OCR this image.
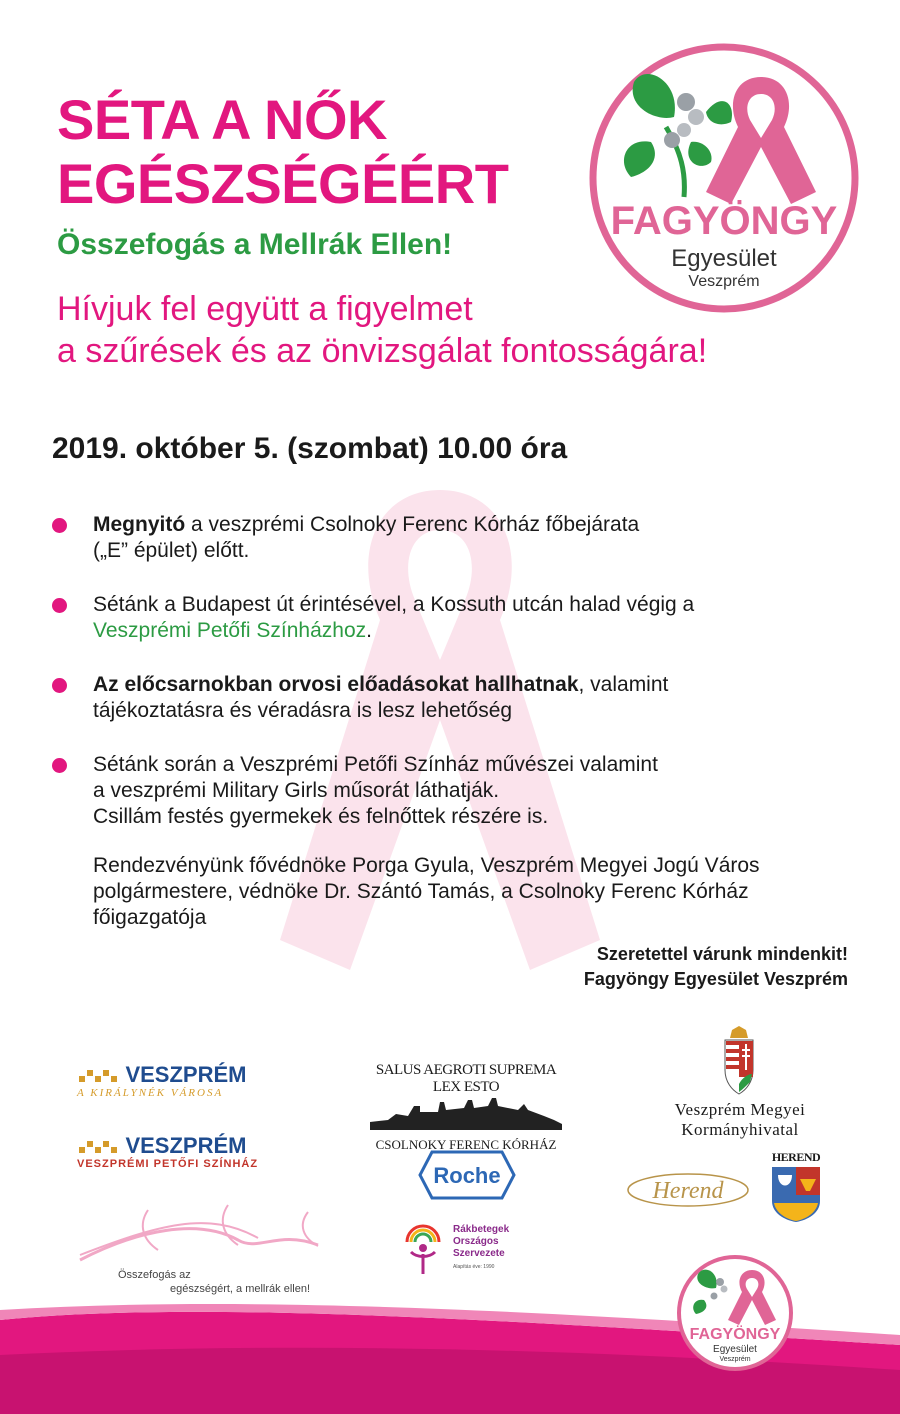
SÉTA A NŐK
EGÉSZSÉGÉÉRT
Összefogás a Mellrák Ellen!

Hívjuk fel együtt a figyelmet
a szűrések és az önvizsgálat fontosságára!

FAGYÖNGY
Egyesület
Veszprém

2019. október 5. (szombat) 10.00 óra

Megnyitó a veszprémi Csolnoky Ferenc Kórház főbejárata
(„E” épület) előtt.
Sétánk a Budapest út érintésével, a Kossuth utcán halad végig a
Veszprémi Petőfi Színházhoz.
Az előcsarnokban orvosi előadásokat hallhatnak, valamint
tájékoztatásra és véradásra is lesz lehetőség
Sétánk során a Veszprémi Petőfi Színház művészei valamint
a veszprémi Military Girls műsorát láthatják.
Csillám festés gyermekek és felnőttek részére is.
Rendezvényünk fővédnöke Porga Gyula, Veszprém Megyei Jogú Város
polgármestere, védnöke Dr. Szántó Tamás, a Csolnoky Ferenc Kórház
főigazgatója
Szeretettel várunk mindenkit!
Fagyöngy Egyesület Veszprém
VESZPRÉM
A KIRÁLYNÉK VÁROSA
VESZPRÉM
VESZPRÉMI PETŐFI SZÍNHÁZ
Összefogás az
egészségért, a mellrák ellen!
SALUS AEGROTI SUPREMA LEX ESTO
CSOLNOKY FERENC KÓRHÁZ
Roche
Rákbetegek
Országos
Szervezete
Alapítás éve: 1990
Veszprém Megyei
Kormányhivatal
Herend
HEREND
FAGYÖNGY
Egyesület
Veszprém
